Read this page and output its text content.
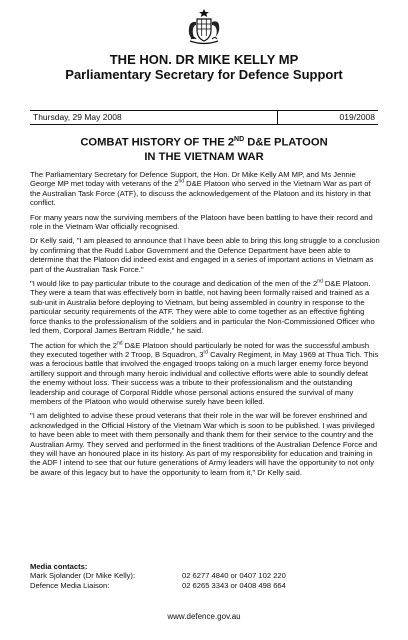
THE HON. DR MIKE KELLY MP
Parliamentary Secretary for Defence Support
Thursday, 29 May 2008	019/2008
COMBAT HISTORY OF THE 2ND D&E PLATOON
IN THE VIETNAM WAR

The Parliamentary Secretary for Defence Support, the Hon. Dr Mike Kelly AM MP, and Ms Jennie George MP met today with veterans of the 2nd D&E Platoon who served in the Vietnam War as part of the Australian Task Force (ATF), to discuss the acknowledgement of the Platoon and its history in that conflict.

For many years now the surviving members of the Platoon have been battling to have their record and role in the Vietnam War officially recognised.

Dr Kelly said, "I am pleased to announce that I have been able to bring this long struggle to a conclusion by confirming that the Rudd Labor Government and the Defence Department have been able to determine that the Platoon did indeed exist and engaged in a series of important actions in Vietnam as part of the Australian Task Force."

"I would like to pay particular tribute to the courage and dedication of the men of the 2nd D&E Platoon. They were a team that was effectively born in battle, not having been formally raised and trained as a sub-unit in Australia before deploying to Vietnam, but being assembled in country in response to the particular security requirements of the ATF. They were able to come together as an effective fighting force thanks to the professionalism of the soldiers and in particular the Non-Commissioned Officer who led them, Corporal James Bertram Riddle," he said.

The action for which the 2nd D&E Platoon should particularly be noted for was the successful ambush they executed together with 2 Troop, B Squadron, 3rd Cavalry Regiment, in May 1969 at Thua Tich. This was a ferocious battle that involved the engaged troops taking on a much larger enemy force beyond artillery support and through many heroic individual and collective efforts were able to soundly defeat the enemy without loss. Their success was a tribute to their professionalism and the outstanding leadership and courage of Corporal Riddle whose personal actions ensured the survival of many members of the Platoon who would otherwise surely have been killed.

"I am delighted to advise these proud veterans that their role in the war will be forever enshrined and acknowledged in the Official History of the Vietnam War which is soon to be published. I was privileged to have been able to meet with them personally and thank them for their service to the country and the Australian Army. They served and performed in the finest traditions of the Australian Defence Force and they will have an honoured place in its history. As part of my responsibility for education and training in the ADF I intend to see that our future generations of Army leaders will have the opportunity to not only be aware of this legacy but to have the opportunity to learn from it," Dr Kelly said.

Media contacts:
Mark Sjolander (Dr Mike Kelly):	02 6277 4840 or 0407 102 220
Defence Media Liaison:	02 6265 3343 or 0408 498 664
www.defence.gov.au
